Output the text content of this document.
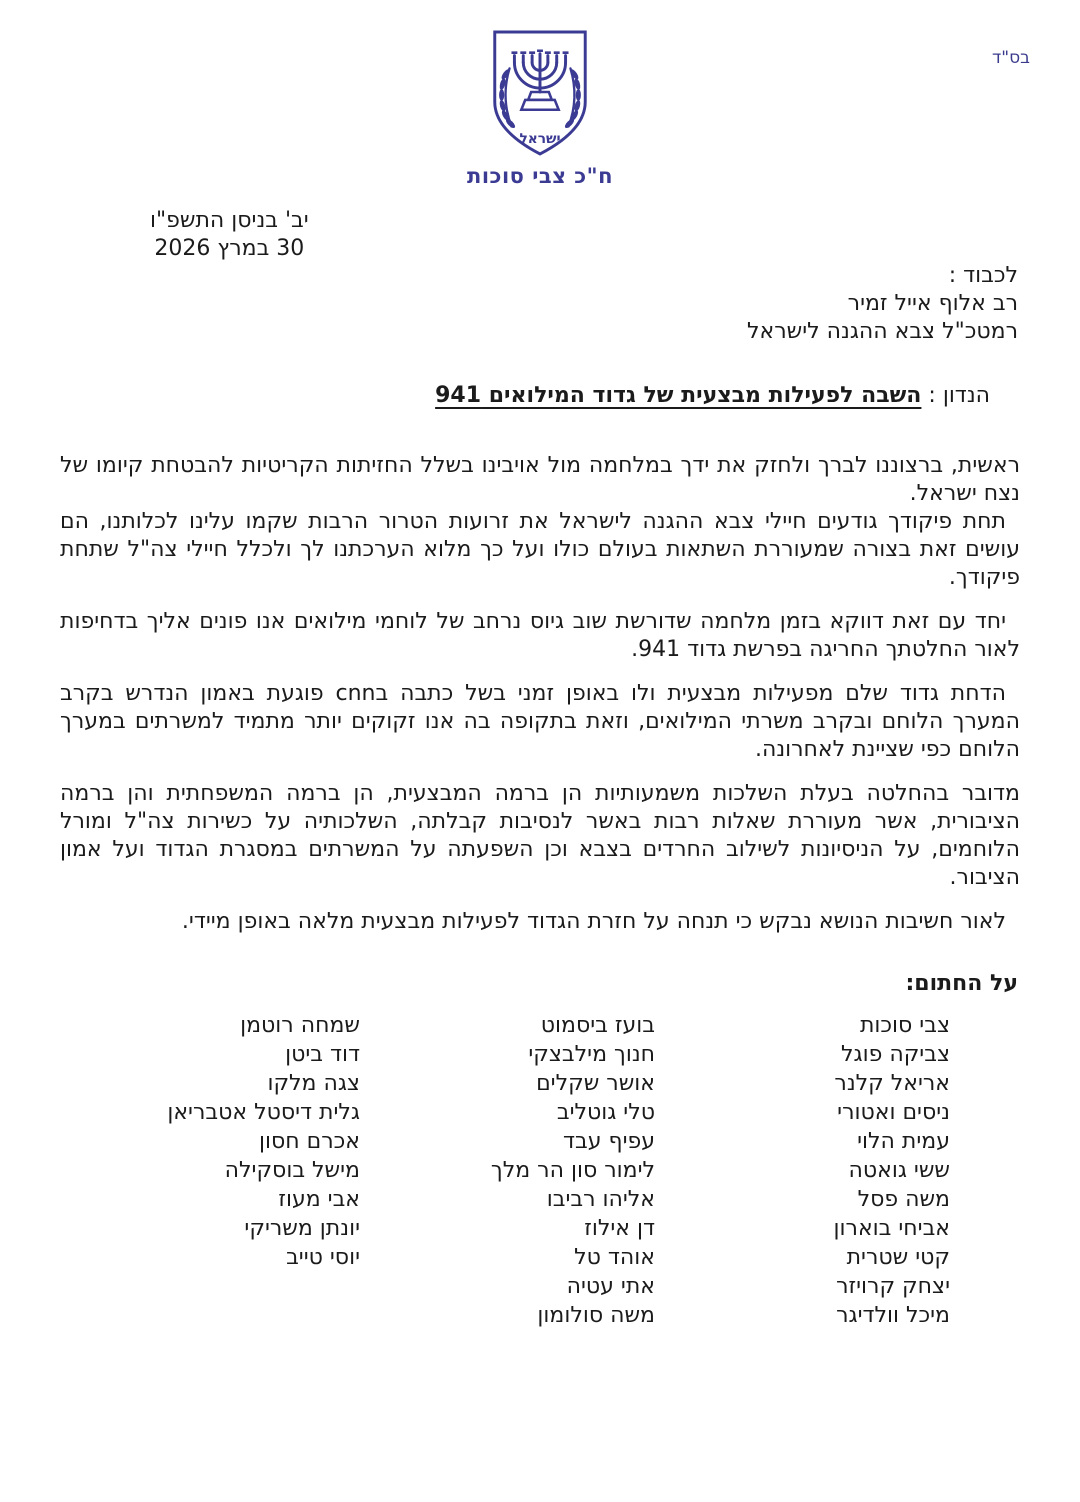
בס"ד
ישראל
ח"כ צבי סוכות
יב' בניסן התשפ"ו
30 במרץ 2026
לכבוד :
רב אלוף אייל זמיר
רמטכ"ל צבא ההגנה לישראל
הנדון : השבה לפעילות מבצעית של גדוד המילואים 941

ראשית, ברצוננו לברך ולחזק את ידך במלחמה מול אויבינו בשלל החזיתות הקריטיות להבטחת קיומו של נצח ישראל.

תחת פיקודך גודעים חיילי צבא ההגנה לישראל את זרועות הטרור הרבות שקמו עלינו לכלותנו, הם עושים זאת בצורה שמעוררת השתאות בעולם כולו ועל כך מלוא הערכתנו לך ולכלל חיילי צה"ל שתחת פיקודך.

יחד עם זאת דווקא בזמן מלחמה שדורשת שוב גיוס נרחב של לוחמי מילואים אנו פונים אליך בדחיפות לאור החלטתך החריגה בפרשת גדוד 941.

הדחת גדוד שלם מפעילות מבצעית ולו באופן זמני בשל כתבה בcnn פוגעת באמון הנדרש בקרב המערך הלוחם ובקרב משרתי המילואים, וזאת בתקופה בה אנו זקוקים יותר מתמיד למשרתים במערך הלוחם כפי שציינת לאחרונה.

מדובר בהחלטה בעלת השלכות משמעותיות הן ברמה המבצעית, הן ברמה המשפחתית והן ברמה הציבורית, אשר מעוררת שאלות רבות באשר לנסיבות קבלתה, השלכותיה על כשירות צה"ל ומורל הלוחמים, על הניסיונות לשילוב החרדים בצבא וכן השפעתה על המשרתים במסגרת הגדוד ועל אמון הציבור.

לאור חשיבות הנושא נבקש כי תנחה על חזרת הגדוד לפעילות מבצעית מלאה באופן מיידי.

על החתום:
צבי סוכות
צביקה פוגל
אריאל קלנר
ניסים ואטורי
עמית הלוי
ששי גואטה
משה פסל
אביחי בוארון
קטי שטרית
יצחק קרויזר
מיכל וולדיגר
בועז ביסמוט
חנוך מילבצקי
אושר שקלים
טלי גוטליב
עפיף עבד
לימור סון הר מלך
אליהו רביבו
דן אילוז
אוהד טל
אתי עטיה
משה סולומון
שמחה רוטמן
דוד ביטן
צגה מלקו
גלית דיסטל אטבריאן
אכרם חסון
מישל בוסקילה
אבי מעוז
יונתן משריקי
יוסי טייב
